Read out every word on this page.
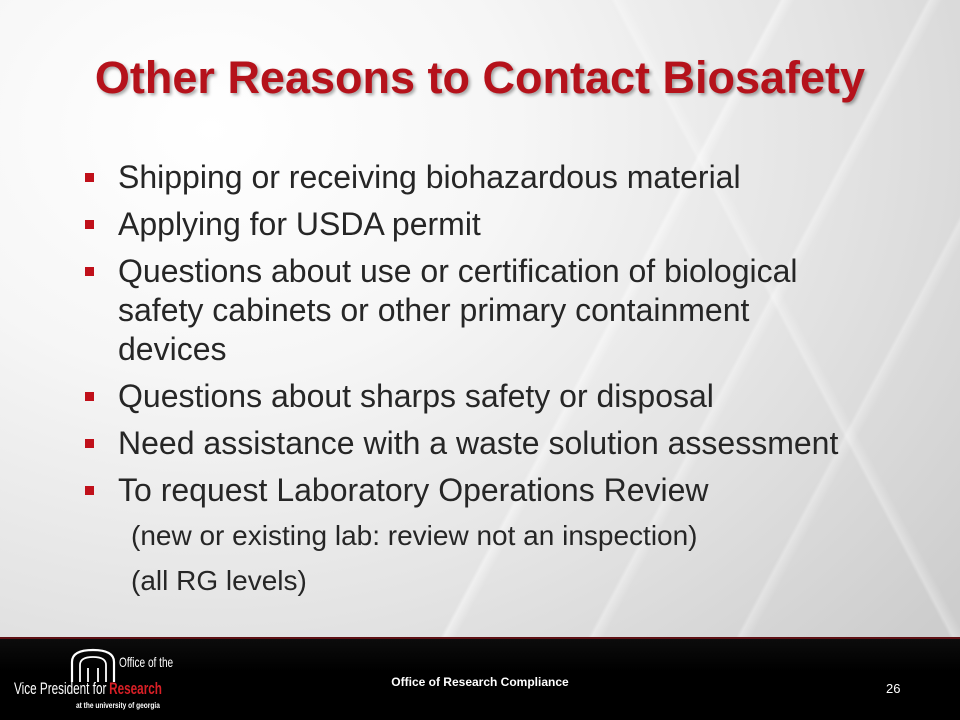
Other Reasons to Contact Biosafety
Shipping or receiving biohazardous material
Applying for USDA permit
Questions about use or certification of biological
safety cabinets or other primary containment
devices
Questions about sharps safety or disposal
Need assistance with a waste solution assessment
To request Laboratory Operations Review
(new or existing lab: review not an inspection)
(all RG levels)
Office of the
Vice President for Research
at the university of georgia
Office of Research Compliance	26
